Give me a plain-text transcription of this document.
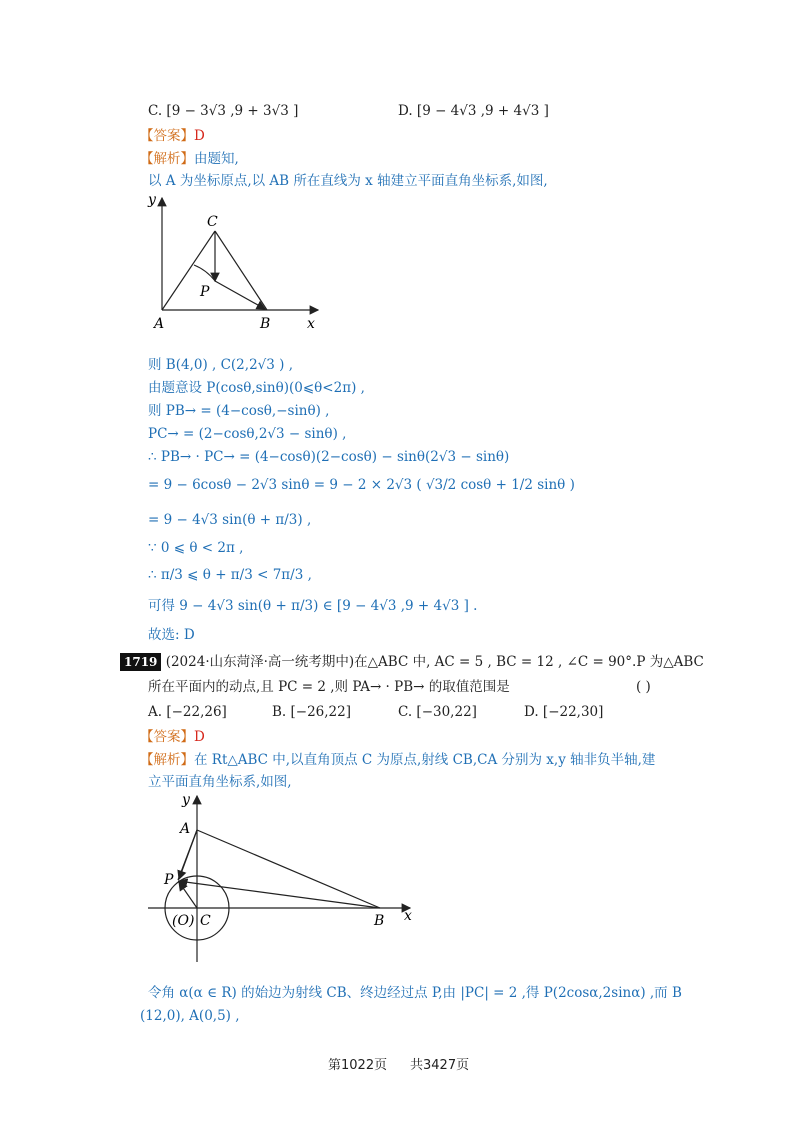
C. [9 − 3√3 ,9 + 3√3 ]	D. [9 − 4√3 ,9 + 4√3 ]
【答案】D
【解析】由题知,
以 A 为坐标原点,以 AB 所在直线为 x 轴建立平面直角坐标系,如图,
y
x
A	B
C
P
则 B(4,0) , C(2,2√3 ) ,
由题意设 P(cosθ,sinθ)(0⩽θ<2π) ,
则 PB→ = (4−cosθ,−sinθ) ,
PC→ = (2−cosθ,2√3 − sinθ) ,
∴ PB→ · PC→ = (4−cosθ)(2−cosθ) − sinθ(2√3 − sinθ)
= 9 − 6cosθ − 2√3 sinθ = 9 − 2 × 2√3 ( √3/2 cosθ + 1/2 sinθ )
= 9 − 4√3 sin(θ + π/3) ,
∵ 0 ⩽ θ < 2π ,
∴ π/3 ⩽ θ + π/3 < 7π/3 ,
可得 9 − 4√3 sin(θ + π/3) ∈ [9 − 4√3 ,9 + 4√3 ] .
故选: D
1719 (2024·山东菏泽·高一统考期中)在△ABC 中, AC = 5 , BC = 12 , ∠C = 90°.P 为△ABC
所在平面内的动点,且 PC = 2 ,则 PA→ · PB→ 的取值范围是	( )
A. [−22,26]	B. [−26,22]	C. [−30,22]	D. [−22,30]
【答案】D
【解析】在 Rt△ABC 中,以直角顶点 C 为原点,射线 CB,CA 分别为 x,y 轴非负半轴,建
立平面直角坐标系,如图,
y
x
A
B
C
(O)
P
令角 α(α ∈ R) 的始边为射线 CB、终边经过点 P,由 |PC| = 2 ,得 P(2cosα,2sinα) ,而 B
(12,0), A(0,5) ,
第1022页 共3427页
